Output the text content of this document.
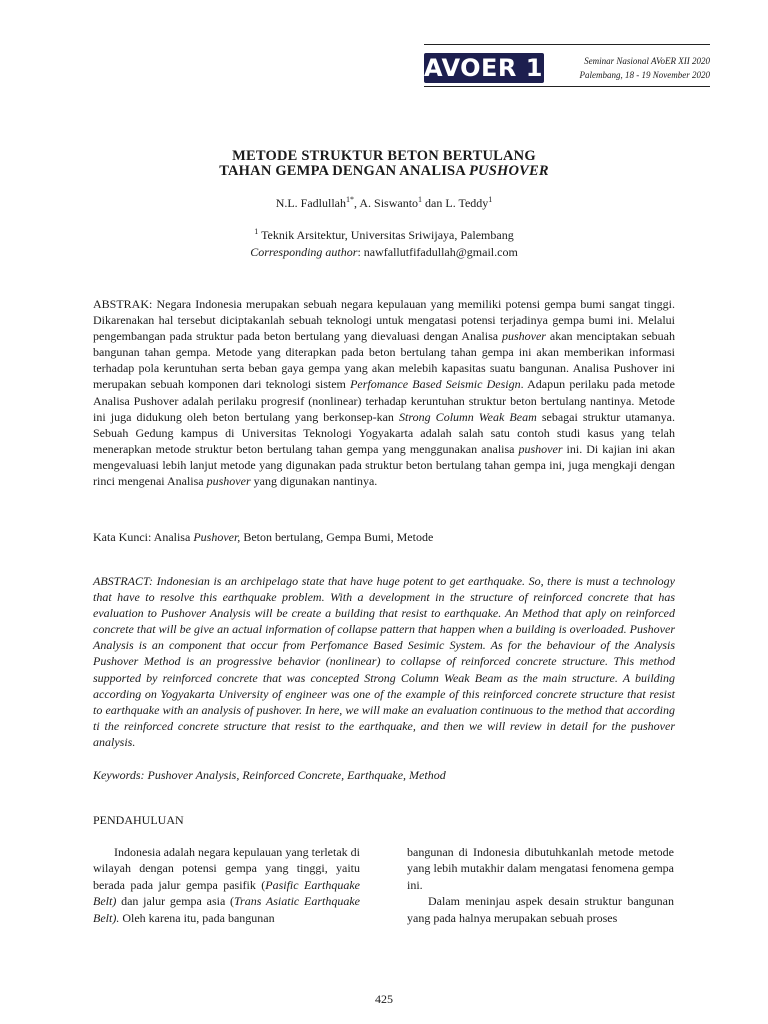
AVOER 12	Seminar Nasional AVoER XII 2020
Palembang, 18 - 19 November 2020
METODE STRUKTUR BETON BERTULANG
TAHAN GEMPA DENGAN ANALISA PUSHOVER
N.L. Fadlullah$^{1*}$, A. Siswanto$^1$ dan L. Teddy$^1$
$^1$ Teknik Arsitektur, Universitas Sriwijaya, Palembang
Corresponding author: nawfallutfifadullah@gmail.com
ABSTRAK: Negara Indonesia merupakan sebuah negara kepulauan yang memiliki potensi gempa bumi sangat tinggi. Dikarenakan hal tersebut diciptakanlah sebuah teknologi untuk mengatasi potensi terjadinya gempa bumi ini. Melalui pengembangan pada struktur pada beton bertulang yang dievaluasi dengan Analisa pushover akan menciptakan sebuah bangunan tahan gempa. Metode yang diterapkan pada beton bertulang tahan gempa ini akan memberikan informasi terhadap pola keruntuhan serta beban gaya gempa yang akan melebih kapasitas suatu bangunan. Analisa Pushover ini merupakan sebuah komponen dari teknologi sistem Perfomance Based Seismic Design. Adapun perilaku pada metode Analisa Pushover adalah perilaku progresif (nonlinear) terhadap keruntuhan struktur beton bertulang nantinya. Metode ini juga didukung oleh beton bertulang yang berkonsep-kan Strong Column Weak Beam sebagai struktur utamanya. Sebuah Gedung kampus di Universitas Teknologi Yogyakarta adalah salah satu contoh studi kasus yang telah menerapkan metode struktur beton bertulang tahan gempa yang menggunakan analisa pushover ini. Di kajian ini akan mengevaluasi lebih lanjut metode yang digunakan pada struktur beton bertulang tahan gempa ini, juga mengkaji dengan rinci mengenai Analisa pushover yang digunakan nantinya.
Kata Kunci: Analisa Pushover, Beton bertulang, Gempa Bumi, Metode
ABSTRACT: Indonesian is an archipelago state that have huge potent to get earthquake. So, there is must a technology that have to resolve this earthquake problem. With a development in the structure of reinforced concrete that has evaluation to Pushover Analysis will be create a building that resist to earthquake. An Method that aply on reinforced concrete that will be give an actual information of collapse pattern that happen when a building is overloaded. Pushover Analysis is an component that occur from Perfomance Based Sesimic System. As for the behaviour of the Analysis Pushover Method is an progressive behavior (nonlinear) to collapse of reinforced concrete structure. This method supported by reinforced concrete that was concepted Strong Column Weak Beam as the main structure. A building according on Yogyakarta University of engineer was one of the example of this reinforced concrete structure that resist to earthquake with an analysis of pushover. In here, we will make an evaluation continuous to the method that according ti the reinforced concrete structure that resist to the earthquake, and then we will review in detail for the pushover analysis.
Keywords: Pushover Analysis, Reinforced Concrete, Earthquake, Method
PENDAHULUAN

Indonesia adalah negara kepulauan yang terletak di wilayah dengan potensi gempa yang tinggi, yaitu berada pada jalur gempa pasifik (Pasific Earthquake Belt) dan jalur gempa asia (Trans Asiatic Earthquake Belt). Oleh karena itu, pada bangunan

bangunan di Indonesia dibutuhkanlah metode metode yang lebih mutakhir dalam mengatasi fenomena gempa ini.

Dalam meninjau aspek desain struktur bangunan yang pada halnya merupakan sebuah proses

425
